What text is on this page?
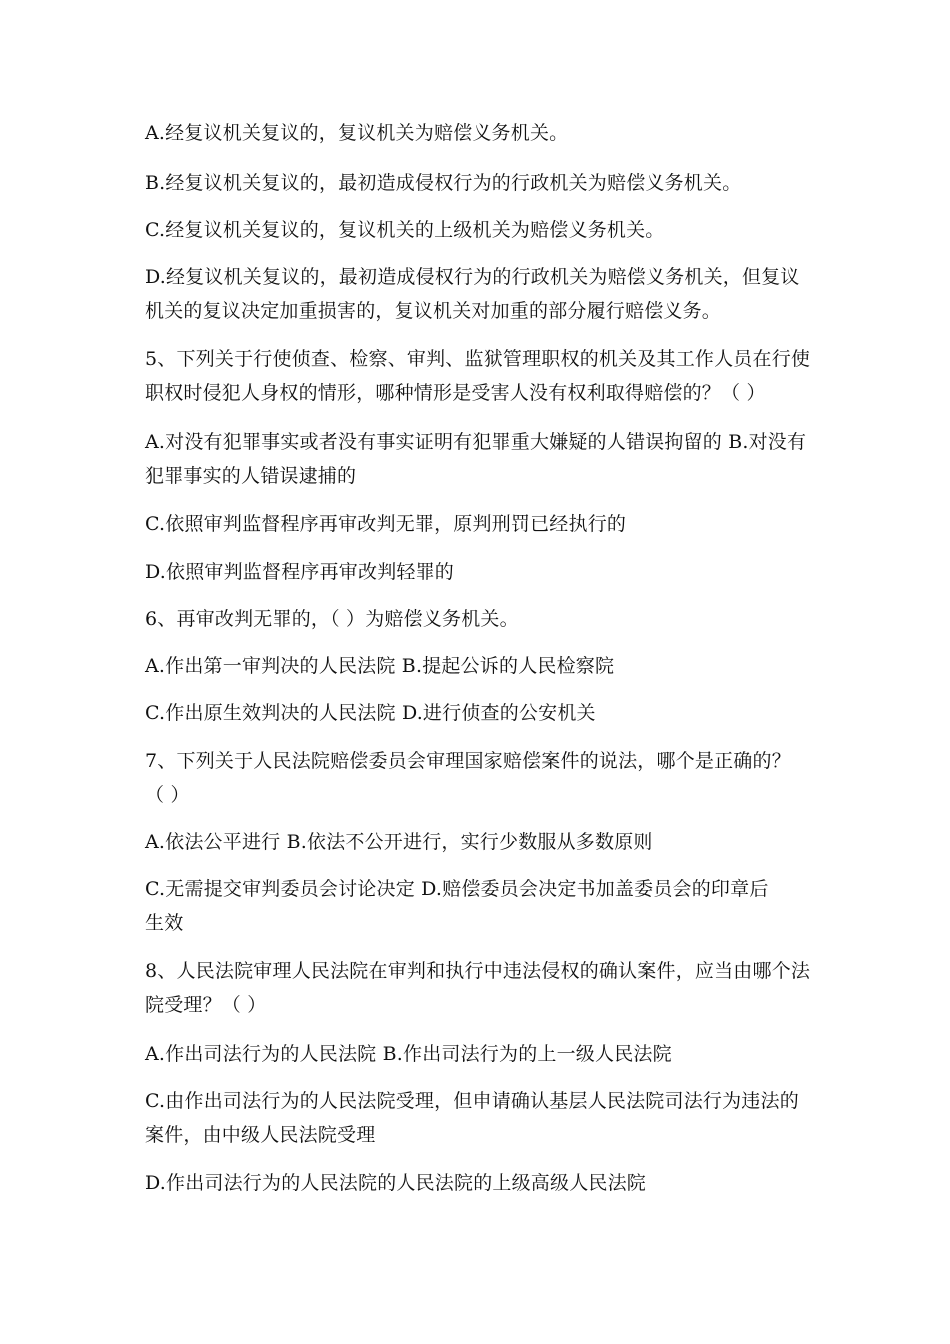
A.经复议机关复议的，复议机关为赔偿义务机关。
B.经复议机关复议的，最初造成侵权行为的行政机关为赔偿义务机关。
C.经复议机关复议的，复议机关的上级机关为赔偿义务机关。
D.经复议机关复议的，最初造成侵权行为的行政机关为赔偿义务机关，但复议
机关的复议决定加重损害的，复议机关对加重的部分履行赔偿义务。
5、下列关于行使侦查、检察、审判、监狱管理职权的机关及其工作人员在行使
职权时侵犯人身权的情形，哪种情形是受害人没有权利取得赔偿的？（ ）
A.对没有犯罪事实或者没有事实证明有犯罪重大嫌疑的人错误拘留的 B.对没有
犯罪事实的人错误逮捕的
C.依照审判监督程序再审改判无罪，原判刑罚已经执行的
D.依照审判监督程序再审改判轻罪的
6、再审改判无罪的，（ ）为赔偿义务机关。
A.作出第一审判决的人民法院 B.提起公诉的人民检察院
C.作出原生效判决的人民法院 D.进行侦查的公安机关
7、下列关于人民法院赔偿委员会审理国家赔偿案件的说法，哪个是正确的？
（ ）
A.依法公平进行 B.依法不公开进行，实行少数服从多数原则
C.无需提交审判委员会讨论决定 D.赔偿委员会决定书加盖委员会的印章后
生效
8、人民法院审理人民法院在审判和执行中违法侵权的确认案件，应当由哪个法
院受理？（ ）
A.作出司法行为的人民法院 B.作出司法行为的上一级人民法院
C.由作出司法行为的人民法院受理，但申请确认基层人民法院司法行为违法的
案件，由中级人民法院受理
D.作出司法行为的人民法院的人民法院的上级高级人民法院
